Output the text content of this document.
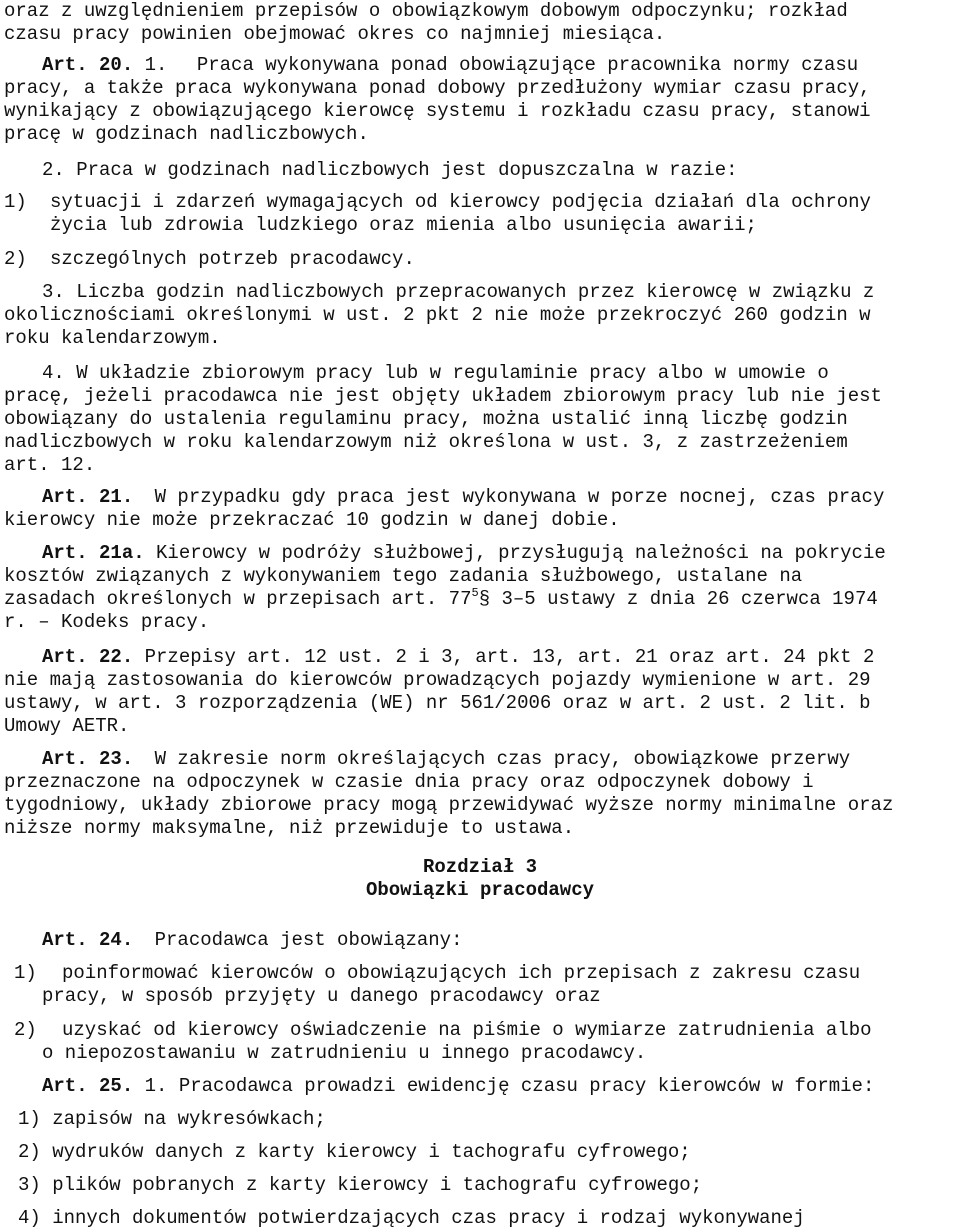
oraz z uwzględnieniem przepisów o obowiązkowym dobowym odpoczynku; rozkład
czasu pracy powinien obejmować okres co najmniej miesiąca.
Art. 20. 1. Praca wykonywana ponad obowiązujące pracownika normy czasu
pracy, a także praca wykonywana ponad dobowy przedłużony wymiar czasu pracy,
wynikający z obowiązującego kierowcę systemu i rozkładu czasu pracy, stanowi
pracę w godzinach nadliczbowych.
2. Praca w godzinach nadliczbowych jest dopuszczalna w razie:
1) sytuacji i zdarzeń wymagających od kierowcy podjęcia działań dla ochrony
życia lub zdrowia ludzkiego oraz mienia albo usunięcia awarii;
2) szczególnych potrzeb pracodawcy.
3. Liczba godzin nadliczbowych przepracowanych przez kierowcę w związku z
okolicznościami określonymi w ust. 2 pkt 2 nie może przekroczyć 260 godzin w
roku kalendarzowym.
4. W układzie zbiorowym pracy lub w regulaminie pracy albo w umowie o
pracę, jeżeli pracodawca nie jest objęty układem zbiorowym pracy lub nie jest
obowiązany do ustalenia regulaminu pracy, można ustalić inną liczbę godzin
nadliczbowych w roku kalendarzowym niż określona w ust. 3, z zastrzeżeniem
art. 12.
Art. 21. W przypadku gdy praca jest wykonywana w porze nocnej, czas pracy
kierowcy nie może przekraczać 10 godzin w danej dobie.
Art. 21a. Kierowcy w podróży służbowej, przysługują należności na pokrycie
kosztów związanych z wykonywaniem tego zadania służbowego, ustalane na
zasadach określonych w przepisach art. $77^5\S$ 3–5 ustawy z dnia 26 czerwca 1974
r. – Kodeks pracy.
Art. 22. Przepisy art. 12 ust. 2 i 3, art. 13, art. 21 oraz art. 24 pkt 2
nie mają zastosowania do kierowców prowadzących pojazdy wymienione w art. 29
ustawy, w art. 3 rozporządzenia (WE) nr 561/2006 oraz w art. 2 ust. 2 lit. b
Umowy AETR.
Art. 23. W zakresie norm określających czas pracy, obowiązkowe przerwy
przeznaczone na odpoczynek w czasie dnia pracy oraz odpoczynek dobowy i
tygodniowy, układy zbiorowe pracy mogą przewidywać wyższe normy minimalne oraz
niższe normy maksymalne, niż przewiduje to ustawa.
Rozdział 3
Obowiązki pracodawcy
Art. 24. Pracodawca jest obowiązany:
1) poinformować kierowców o obowiązujących ich przepisach z zakresu czasu
pracy, w sposób przyjęty u danego pracodawcy oraz
2) uzyskać od kierowcy oświadczenie na piśmie o wymiarze zatrudnienia albo
o niepozostawaniu w zatrudnieniu u innego pracodawcy.
Art. 25. 1. Pracodawca prowadzi ewidencję czasu pracy kierowców w formie:
1) zapisów na wykresówkach;
2) wydruków danych z karty kierowcy i tachografu cyfrowego;
3) plików pobranych z karty kierowcy i tachografu cyfrowego;
4) innych dokumentów potwierdzających czas pracy i rodzaj wykonywanej
